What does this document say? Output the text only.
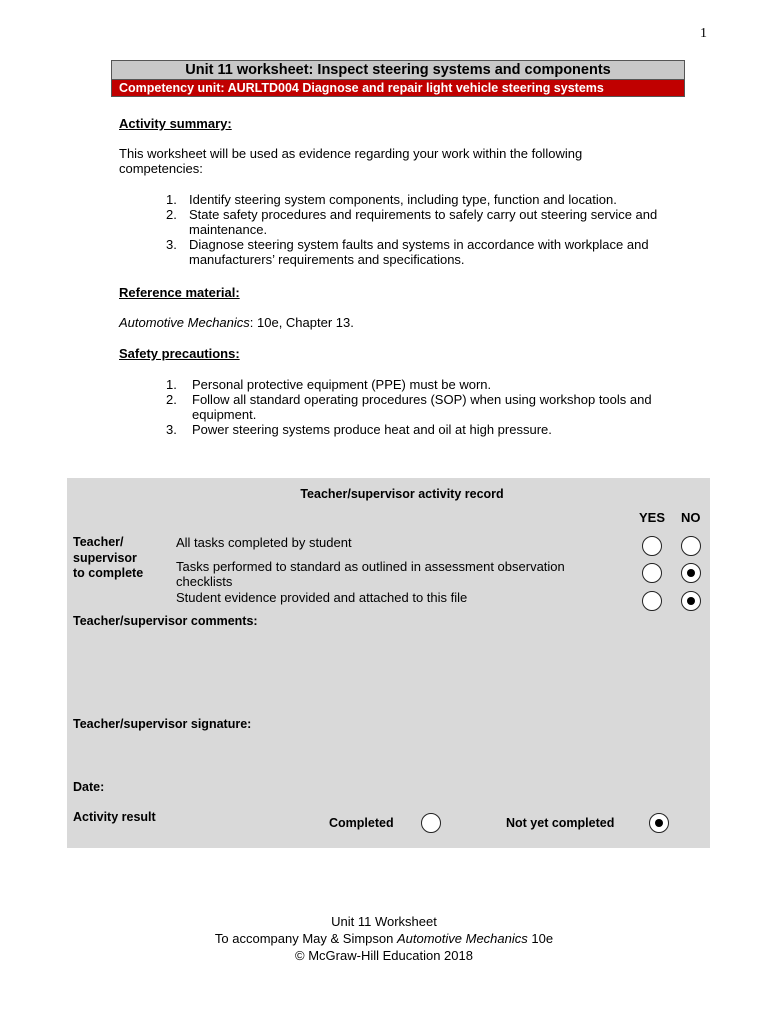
1
Unit 11 worksheet: Inspect steering systems and components
Competency unit: AURLTD004 Diagnose and repair light vehicle steering systems
Activity summary:
This worksheet will be used as evidence regarding your work within the following competencies:
1. Identify steering system components, including type, function and location.
2. State safety procedures and requirements to safely carry out steering service and maintenance.
3. Diagnose steering system faults and systems in accordance with workplace and manufacturers’ requirements and specifications.
Reference material:
Automotive Mechanics: 10e, Chapter 13.
Safety precautions:
1. Personal protective equipment (PPE) must be worn.
2. Follow all standard operating procedures (SOP) when using workshop tools and equipment.
3. Power steering systems produce heat and oil at high pressure.
Teacher/supervisor activity record
YES NO
Teacher/
supervisor
to complete
All tasks completed by student
Tasks performed to standard as outlined in assessment observation checklists
Student evidence provided and attached to this file
Teacher/supervisor comments:
Teacher/supervisor signature:
Date:
Activity result	Completed	Not yet completed
Unit 11 Worksheet
To accompany May & Simpson Automotive Mechanics 10e
© McGraw-Hill Education 2018
